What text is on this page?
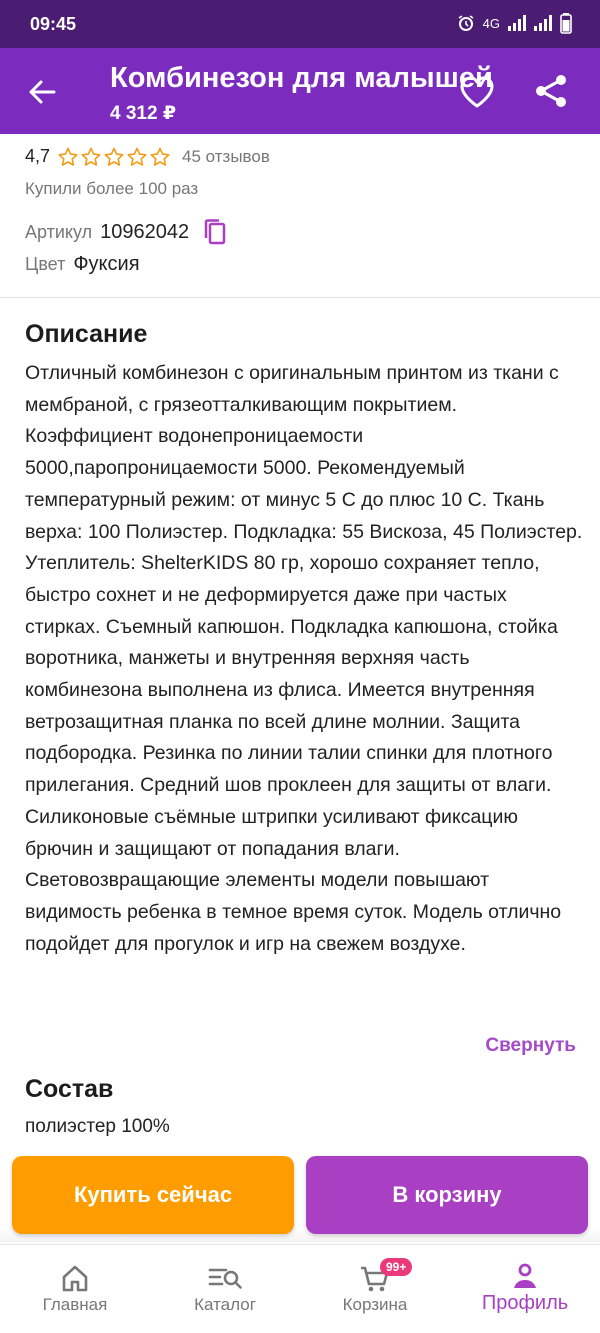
09:45	4G
Комбинезон для малышей
4 312 ₽
4,7	45 отзывов
Купили более 100 раз
Артикул 10962042
Цвет Фуксия
Описание
Отличный комбинезон с оригинальным принтом из ткани с мембраной, с грязеотталкивающим покрытием. Коэффициент водонепроницаемости 5000,паропроницаемости 5000. Рекомендуемый температурный режим: от минус 5 С до плюс 10 С. Ткань верха: 100 Полиэстер. Подкладка: 55 Вискоза, 45 Полиэстер. Утеплитель: ShelterKIDS 80 гр, хорошо сохраняет тепло, быстро сохнет и не деформируется даже при частых стирках. Съемный капюшон. Подкладка капюшона, стойка воротника, манжеты и внутренняя верхняя часть комбинезона выполнена из флиса. Имеется внутренняя ветрозащитная планка по всей длине молнии. Защита подбородка. Резинка по линии талии спинки для плотного прилегания. Средний шов проклеен для защиты от влаги. Силиконовые съёмные штрипки усиливают фиксацию брючин и защищают от попадания влаги. Световозвращающие элементы модели повышают видимость ребенка в темное время суток. Модель отлично подойдет для прогулок и игр на свежем воздухе.
Свернуть
Состав
полиэстер 100%
Купить сейчас	В корзину
Главная	Каталог
99+
Корзина	Профиль
